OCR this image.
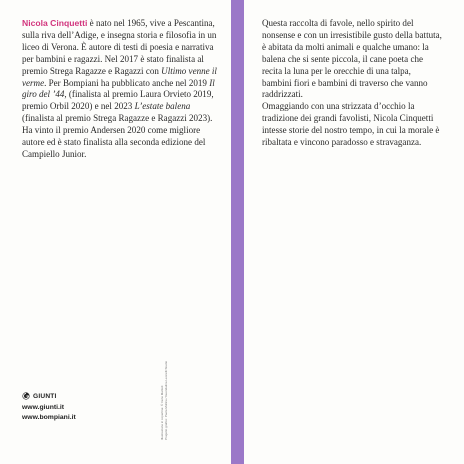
Nicola Cinquetti è nato nel 1965, vive a Pescantina, sulla riva dell’Adige, e insegna storia e filosofia in un liceo di Verona. È autore di testi di poesia e narrativa per bambini e ragazzi. Nel 2017 è stato finalista al premio Strega Ragazze e Ragazzi con Ultimo venne il verme. Per Bompiani ha pubblicato anche nel 2019 Il giro del ’44, (finalista al premio Laura Orvieto 2019, premio Orbil 2020) e nel 2023 L’estate balena (finalista al premio Strega Ragazze e Ragazzi 2023). Ha vinto il premio Andersen 2020 come migliore autore ed è stato finalista alla seconda edizione del Campiello Junior.

Questa raccolta di favole, nello spirito del nonsense e con un irresistibile gusto della battuta, è abitata da molti animali e qualche umano: la balena che si sente piccola, il cane poeta che recita la luna per le orecchie di una talpa, bambini fiori e bambini di traverso che vanno raddrizzati.

Omaggiando con una strizzata d’occhio la tradizione dei grandi favolisti, Nicola Cinquetti intesse storie del nostro tempo, in cui la morale è ribaltata e vincono paradosso e stravaganza.

GIUNTI
www.giunti.it
www.bompiani.it	Illustrazione in copertina: © Irene Mattioli Progetto grafico: Paola Mollica / Guendalina Leonelli Studio
